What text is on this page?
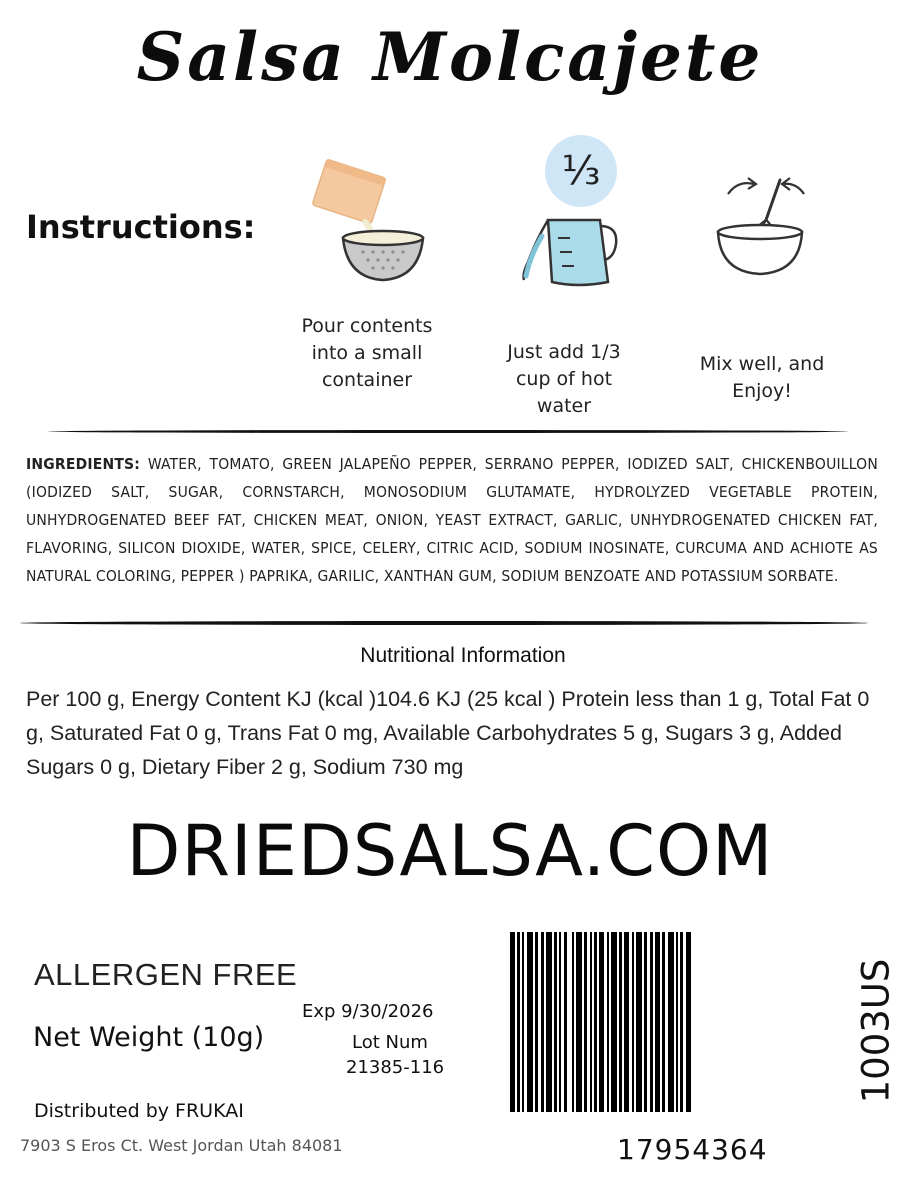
Salsa Molcajete
Instructions:
⅓
Pour contents into a small container
Just add 1/3 cup of hot water
Mix well, and Enjoy!
INGREDIENTS: WATER, TOMATO, GREEN JALAPEÑO PEPPER, SERRANO PEPPER, IODIZED SALT, CHICKENBOUILLON (IODIZED SALT, SUGAR, CORNSTARCH, MONOSODIUM GLUTAMATE, HYDROLYZED VEGETABLE PROTEIN, UNHYDROGENATED BEEF FAT, CHICKEN MEAT, ONION, YEAST EXTRACT, GARLIC, UNHYDROGENATED CHICKEN FAT, FLAVORING, SILICON DIOXIDE, WATER, SPICE, CELERY, CITRIC ACID, SODIUM INOSINATE, CURCUMA AND ACHIOTE AS NATURAL COLORING, PEPPER ) PAPRIKA, GARILIC, XANTHAN GUM, SODIUM BENZOATE AND POTASSIUM SORBATE.
Nutritional Information
Per 100 g, Energy Content KJ (kcal )104.6 KJ (25 kcal ) Protein less than 1 g, Total Fat 0 g, Saturated Fat 0 g, Trans Fat 0 mg, Available Carbohydrates 5 g, Sugars 3 g, Added Sugars 0 g, Dietary Fiber 2 g, Sodium 730 mg
DRIEDSALSA.COM
ALLERGEN FREE
Net Weight (10g)
Exp 9/30/2026
Lot Num
21385-116
Distributed by FRUKAI
7903 S Eros Ct. West Jordan Utah 84081	17954364
1003US
